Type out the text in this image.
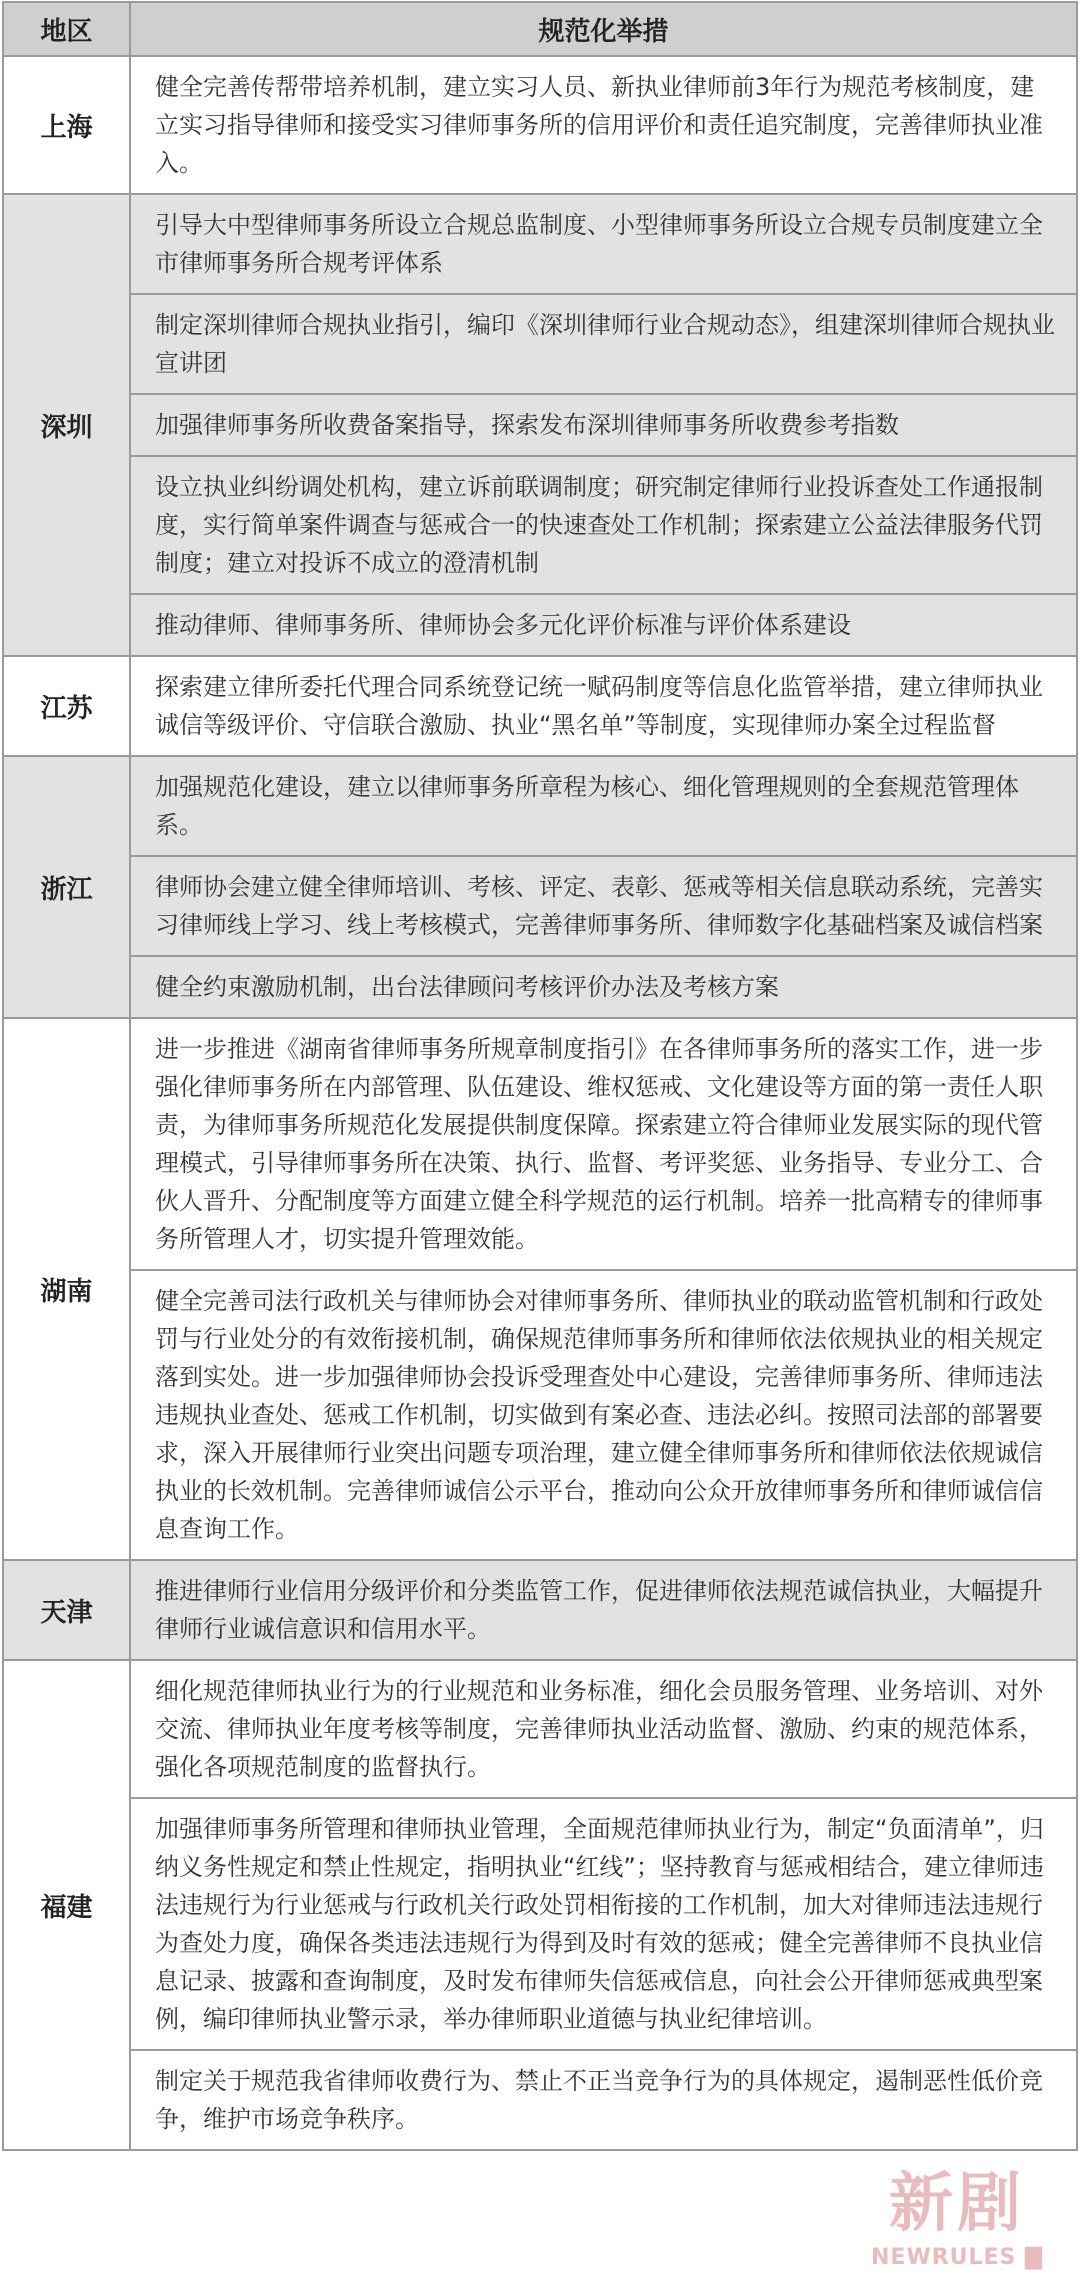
地区	规范化举措
上海	健全完善传帮带培养机制，建立实习人员、新执业律师前3年行为规范考核制度，建立实习指导律师和接受实习律师事务所的信用评价和责任追究制度，完善律师执业准入。
深圳	引导大中型律师事务所设立合规总监制度、小型律师事务所设立合规专员制度建立全市律师事务所合规考评体系
	制定深圳律师合规执业指引，编印《深圳律师行业合规动态》，组建深圳律师合规执业宣讲团
	加强律师事务所收费备案指导，探索发布深圳律师事务所收费参考指数
	设立执业纠纷调处机构，建立诉前联调制度；研究制定律师行业投诉查处工作通报制度，实行简单案件调查与惩戒合一的快速查处工作机制；探索建立公益法律服务代罚制度；建立对投诉不成立的澄清机制
	推动律师、律师事务所、律师协会多元化评价标准与评价体系建设
江苏	探索建立律所委托代理合同系统登记统一赋码制度等信息化监管举措，建立律师执业诚信等级评价、守信联合激励、执业“黑名单”等制度，实现律师办案全过程监督
浙江	加强规范化建设，建立以律师事务所章程为核心、细化管理规则的全套规范管理体系。
	律师协会建立健全律师培训、考核、评定、表彰、惩戒等相关信息联动系统，完善实习律师线上学习、线上考核模式，完善律师事务所、律师数字化基础档案及诚信档案
	健全约束激励机制，出台法律顾问考核评价办法及考核方案
湖南	进一步推进《湖南省律师事务所规章制度指引》在各律师事务所的落实工作，进一步强化律师事务所在内部管理、队伍建设、维权惩戒、文化建设等方面的第一责任人职责，为律师事务所规范化发展提供制度保障。探索建立符合律师业发展实际的现代管理模式，引导律师事务所在决策、执行、监督、考评奖惩、业务指导、专业分工、合伙人晋升、分配制度等方面建立健全科学规范的运行机制。培养一批高精专的律师事务所管理人才，切实提升管理效能。
	健全完善司法行政机关与律师协会对律师事务所、律师执业的联动监管机制和行政处罚与行业处分的有效衔接机制，确保规范律师事务所和律师依法依规执业的相关规定落到实处。进一步加强律师协会投诉受理查处中心建设，完善律师事务所、律师违法违规执业查处、惩戒工作机制，切实做到有案必查、违法必纠。按照司法部的部署要求，深入开展律师行业突出问题专项治理，建立健全律师事务所和律师依法依规诚信执业的长效机制。完善律师诚信公示平台，推动向公众开放律师事务所和律师诚信信息查询工作。
天津	推进律师行业信用分级评价和分类监管工作，促进律师依法规范诚信执业，大幅提升律师行业诚信意识和信用水平。
福建	细化规范律师执业行为的行业规范和业务标准，细化会员服务管理、业务培训、对外交流、律师执业年度考核等制度，完善律师执业活动监督、激励、约束的规范体系，强化各项规范制度的监督执行。
	加强律师事务所管理和律师执业管理，全面规范律师执业行为，制定“负面清单”，归纳义务性规定和禁止性规定，指明执业“红线”；坚持教育与惩戒相结合，建立律师违法违规行为行业惩戒与行政机关行政处罚相衔接的工作机制，加大对律师违法违规行为查处力度，确保各类违法违规行为得到及时有效的惩戒；健全完善律师不良执业信息记录、披露和查询制度，及时发布律师失信惩戒信息，向社会公开律师惩戒典型案例，编印律师执业警示录，举办律师职业道德与执业纪律培训。
	制定关于规范我省律师收费行为、禁止不正当竞争行为的具体规定，遏制恶性低价竞争，维护市场竞争秩序。
新剧
NEWRULES ▇
